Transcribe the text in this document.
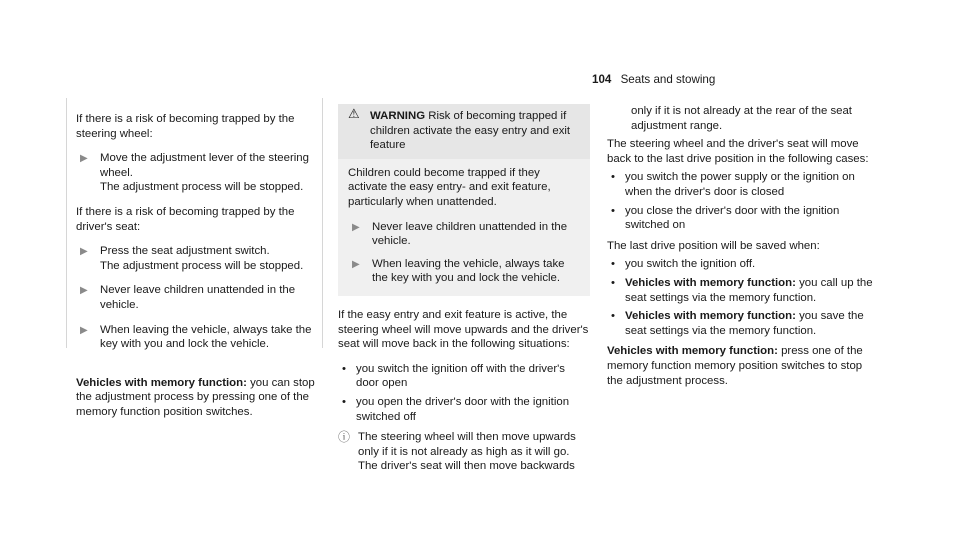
104 Seats and stowing

If there is a risk of becoming trapped by the steering wheel:

▶ Move the adjustment lever of the steering wheel.
The adjustment process will be stopped.

If there is a risk of becoming trapped by the driver's seat:

▶ Press the seat adjustment switch.
The adjustment process will be stopped.
▶ Never leave children unattended in the vehicle.
▶ When leaving the vehicle, always take the key with you and lock the vehicle.

Vehicles with memory function: you can stop the adjustment process by pressing one of the memory function position switches.

⚠ WARNING Risk of becoming trapped if children activate the easy entry and exit feature

Children could become trapped if they activate the easy entry- and exit feature, particularly when unattended.

▶ Never leave children unattended in the vehicle.
▶ When leaving the vehicle, always take the key with you and lock the vehicle.

If the easy entry and exit feature is active, the steering wheel will move upwards and the driver's seat will move back in the following situations:

• you switch the ignition off with the driver's door open
• you open the driver's door with the ignition switched off
ⓘ The steering wheel will then move upwards only if it is not already as high as it will go. The driver's seat will then move backwards
only if it is not already at the rear of the seat adjustment range.

The steering wheel and the driver's seat will move back to the last drive position in the following cases:

• you switch the power supply or the ignition on when the driver's door is closed
• you close the driver's door with the ignition switched on

The last drive position will be saved when:

• you switch the ignition off.
• Vehicles with memory function: you call up the seat settings via the memory function.
• Vehicles with memory function: you save the seat settings via the memory function.

Vehicles with memory function: press one of the memory function memory position switches to stop the adjustment process.
